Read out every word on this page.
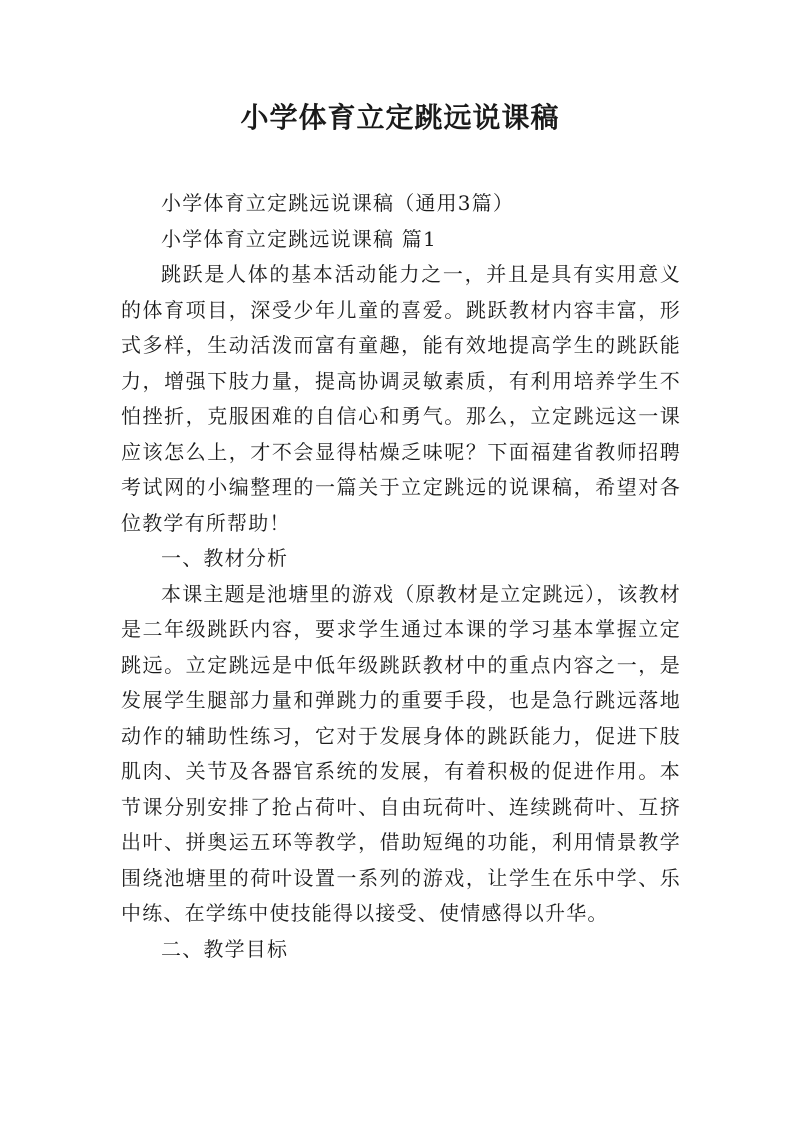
小学体育立定跳远说课稿

小学体育立定跳远说课稿（通用3篇）

小学体育立定跳远说课稿 篇1

跳跃是人体的基本活动能力之一，并且是具有实用意义的体育项目，深受少年儿童的喜爱。跳跃教材内容丰富，形式多样，生动活泼而富有童趣，能有效地提高学生的跳跃能力，增强下肢力量，提高协调灵敏素质，有利用培养学生不怕挫折，克服困难的自信心和勇气。那么，立定跳远这一课应该怎么上，才不会显得枯燥乏味呢？下面福建省教师招聘考试网的小编整理的一篇关于立定跳远的说课稿，希望对各位教学有所帮助！

一、教材分析

本课主题是池塘里的游戏（原教材是立定跳远），该教材是二年级跳跃内容，要求学生通过本课的学习基本掌握立定跳远。立定跳远是中低年级跳跃教材中的重点内容之一，是发展学生腿部力量和弹跳力的重要手段，也是急行跳远落地动作的辅助性练习，它对于发展身体的跳跃能力，促进下肢肌肉、关节及各器官系统的发展，有着积极的促进作用。本节课分别安排了抢占荷叶、自由玩荷叶、连续跳荷叶、互挤出叶、拼奥运五环等教学，借助短绳的功能，利用情景教学围绕池塘里的荷叶设置一系列的游戏，让学生在乐中学、乐中练、在学练中使技能得以接受、使情感得以升华。

二、教学目标
